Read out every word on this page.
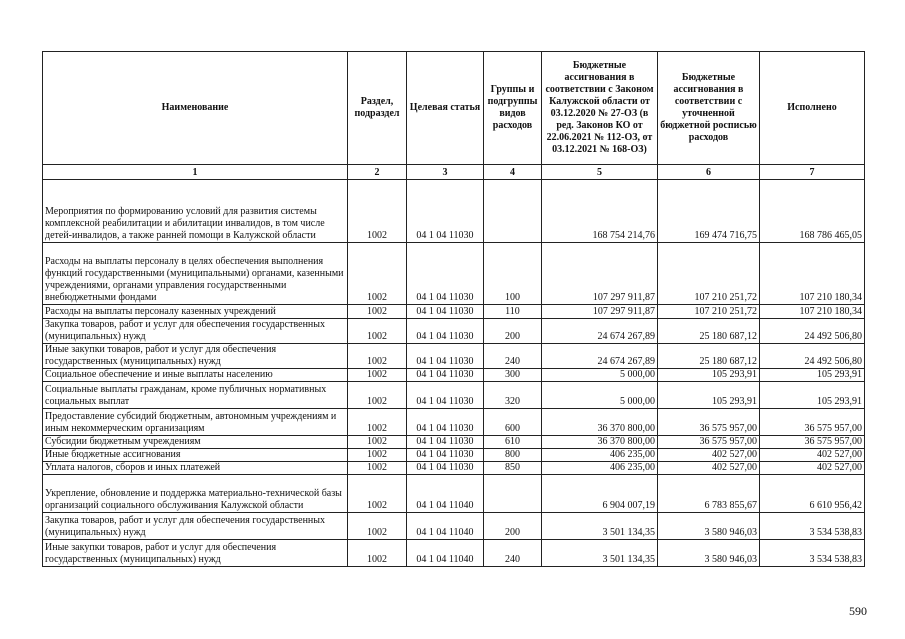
Наименование	Раздел, подраздел	Целевая статья	Группы и подгруппы видов расходов	Бюджетные ассигнования в соответствии с Законом Калужской области от 03.12.2020 № 27-ОЗ (в ред. Законов КО от 22.06.2021 № 112-ОЗ, от 03.12.2021 № 168-ОЗ)	Бюджетные ассигнования в соответствии с уточненной бюджетной росписью расходов	Исполнено
1	2	3	4	5	6	7
Мероприятия по формированию условий для развития системы комплексной реабилитации и абилитации инвалидов, в том числе детей-инвалидов, а также ранней помощи в Калужской области	1002	04 1 04 11030		168 754 214,76	169 474 716,75	168 786 465,05
Расходы на выплаты персоналу в целях обеспечения выполнения функций государственными (муниципальными) органами, казенными учреждениями, органами управления государственными внебюджетными фондами	1002	04 1 04 11030	100	107 297 911,87	107 210 251,72	107 210 180,34
Расходы на выплаты персоналу казенных учреждений	1002	04 1 04 11030	110	107 297 911,87	107 210 251,72	107 210 180,34
Закупка товаров, работ и услуг для обеспечения государственных (муниципальных) нужд	1002	04 1 04 11030	200	24 674 267,89	25 180 687,12	24 492 506,80
Иные закупки товаров, работ и услуг для обеспечения государственных (муниципальных) нужд	1002	04 1 04 11030	240	24 674 267,89	25 180 687,12	24 492 506,80
Социальное обеспечение и иные выплаты населению	1002	04 1 04 11030	300	5 000,00	105 293,91	105 293,91
Социальные выплаты гражданам, кроме публичных нормативных социальных выплат	1002	04 1 04 11030	320	5 000,00	105 293,91	105 293,91
Предоставление субсидий бюджетным, автономным учреждениям и иным некоммерческим организациям	1002	04 1 04 11030	600	36 370 800,00	36 575 957,00	36 575 957,00
Субсидии бюджетным учреждениям	1002	04 1 04 11030	610	36 370 800,00	36 575 957,00	36 575 957,00
Иные бюджетные ассигнования	1002	04 1 04 11030	800	406 235,00	402 527,00	402 527,00
Уплата налогов, сборов и иных платежей	1002	04 1 04 11030	850	406 235,00	402 527,00	402 527,00
Укрепление, обновление и поддержка материально-технической базы организаций социального обслуживания Калужской области	1002	04 1 04 11040		6 904 007,19	6 783 855,67	6 610 956,42
Закупка товаров, работ и услуг для обеспечения государственных (муниципальных) нужд	1002	04 1 04 11040	200	3 501 134,35	3 580 946,03	3 534 538,83
Иные закупки товаров, работ и услуг для обеспечения государственных (муниципальных) нужд	1002	04 1 04 11040	240	3 501 134,35	3 580 946,03	3 534 538,83
590
